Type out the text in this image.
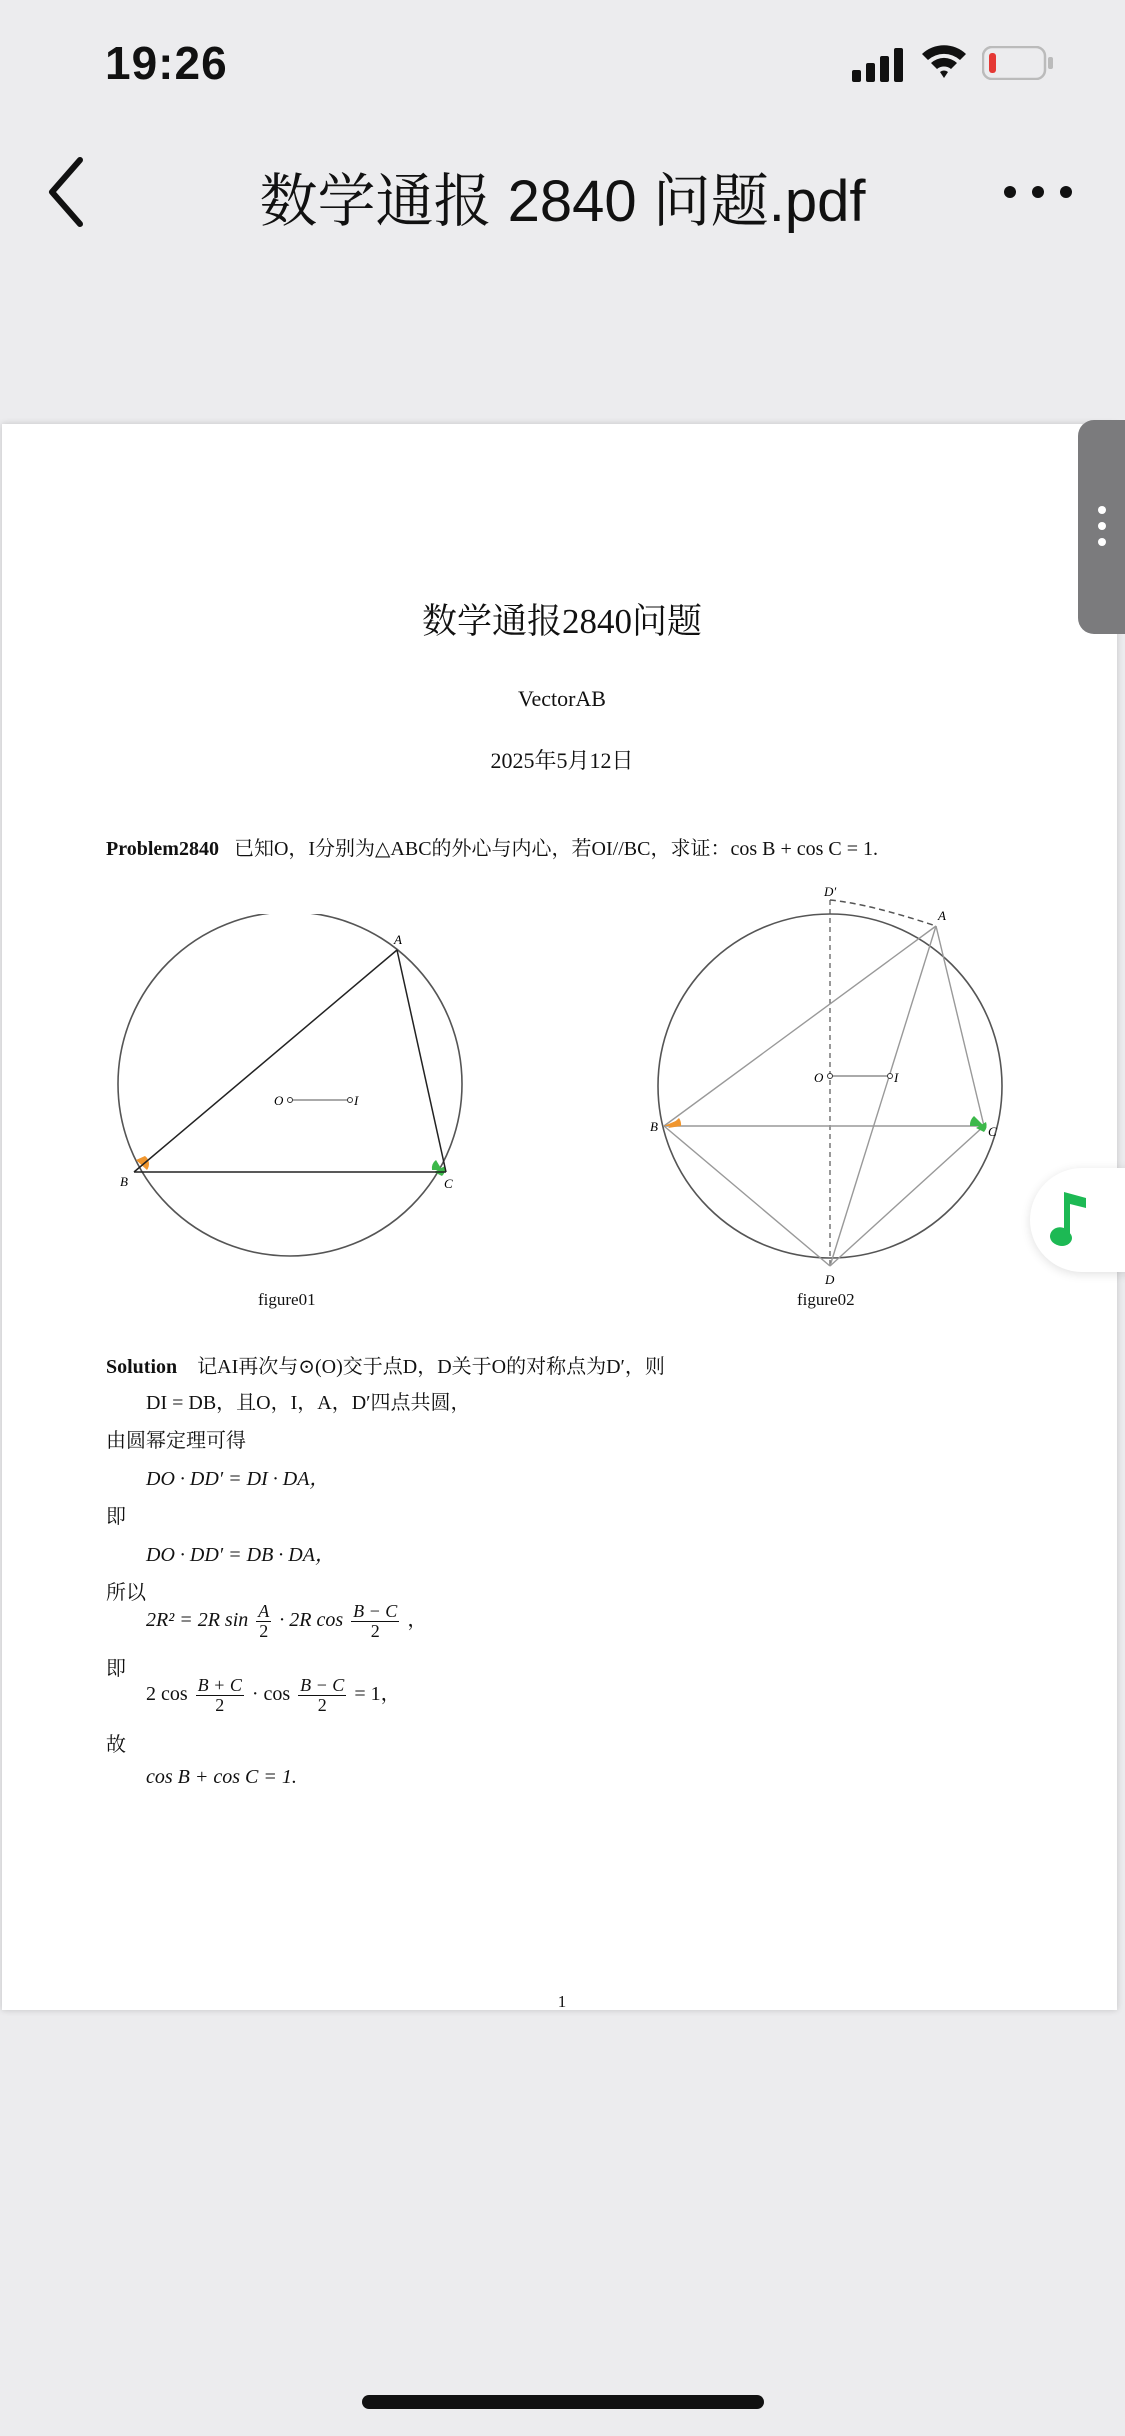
19:26
数学通报 2840 问题.pdf
数学通报2840问题
VectorAB
2025年5月12日
Problem2840 已知O，I分别为△ABC的外心与内心，若OI//BC，求证：cos B + cos C = 1.
A
B	C
O	I
figure01
D′
A
B	C
O	I
D
figure02
Solution 记AI再次与⊙(O)交于点D，D关于O的对称点为D′，则
DI = DB，且O，I，A，D′四点共圆，
由圆幂定理可得
DO · DD′ = DI · DA，
即
DO · DD′ = DB · DA，
所以
2R² = 2R $\sin \frac{A}{2} \cdot 2R$ $\cos \frac{B - C}{2}$ ，
即
2 $\cos \frac{B + C}{2} \cdot \cos \frac{B - C}{2} = 1$，
故
cos B + cos C = 1.
1
